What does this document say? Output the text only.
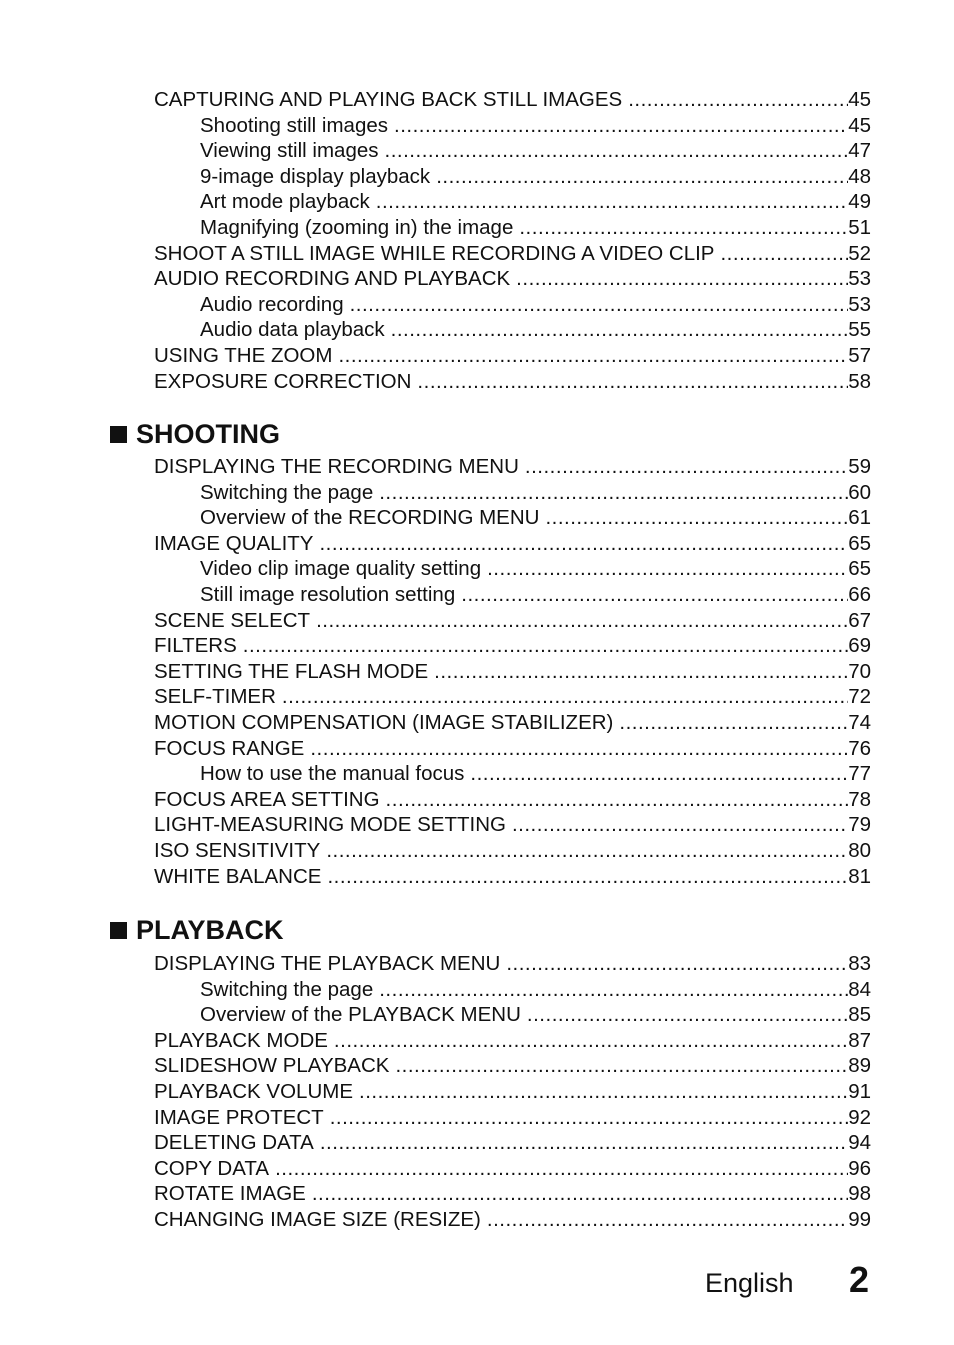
CAPTURING AND PLAYING BACK STILL IMAGES .....	45
Shooting still images .....	45
Viewing still images .....	47
9-image display playback .....	48
Art mode playback .....	49
Magnifying (zooming in) the image .....	51
SHOOT A STILL IMAGE WHILE RECORDING A VIDEO CLIP .....	52
AUDIO RECORDING AND PLAYBACK .....	53
Audio recording .....	53
Audio data playback .....	55
USING THE ZOOM .....	57
EXPOSURE CORRECTION .....	58
SHOOTING
DISPLAYING THE RECORDING MENU .....	59
Switching the page .....	60
Overview of the RECORDING MENU .....	61
IMAGE QUALITY .....	65
Video clip image quality setting .....	65
Still image resolution setting .....	66
SCENE SELECT .....	67
FILTERS .....	69
SETTING THE FLASH MODE .....	70
SELF-TIMER .....	72
MOTION COMPENSATION (IMAGE STABILIZER) .....	74
FOCUS RANGE .....	76
How to use the manual focus .....	77
FOCUS AREA SETTING .....	78
LIGHT-MEASURING MODE SETTING .....	79
ISO SENSITIVITY .....	80
WHITE BALANCE .....	81
PLAYBACK
DISPLAYING THE PLAYBACK MENU .....	83
Switching the page .....	84
Overview of the PLAYBACK MENU .....	85
PLAYBACK MODE .....	87
SLIDESHOW PLAYBACK .....	89
PLAYBACK VOLUME .....	91
IMAGE PROTECT .....	92
DELETING DATA .....	94
COPY DATA .....	96
ROTATE IMAGE .....	98
CHANGING IMAGE SIZE (RESIZE) .....	99
English 2
